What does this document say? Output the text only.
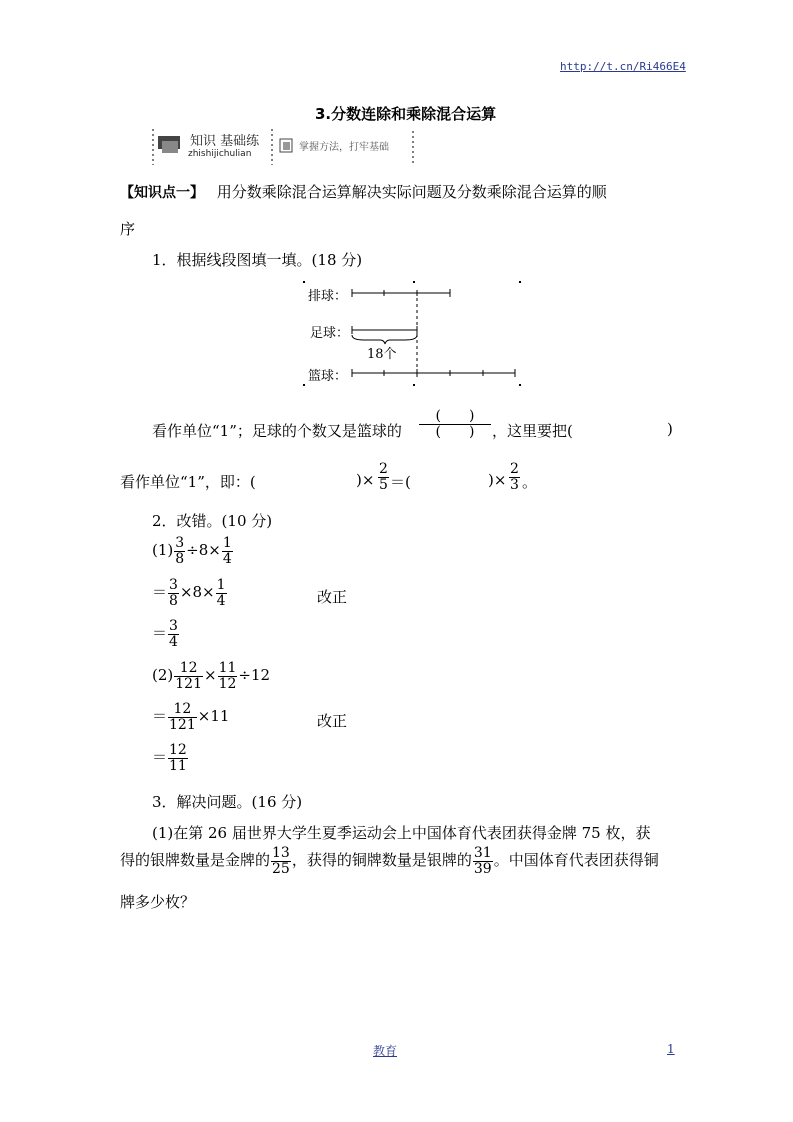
http://t.cn/Ri466E4
3.分数连除和乘除混合运算
知识 基础练
zhishijichulian
掌握方法，打牢基础
【知识点一】 用分数乘除混合运算解决实际问题及分数乘除混合运算的顺
序
1．根据线段图填一填。(18 分)
排球：
足球：
18个
篮球：
看作单位“1”；足球的个数又是篮球的
(　　)
(　　)	，这里要把(	)
看作单位“1”，即：(	)× $\frac{2}{5}$ ＝(	)× $\frac{2}{3}$ 。
2．改错。(10 分)
$(1) \frac{3}{8} \div 8\times \frac{1}{4}$
＝ $\frac{3}{8} \times 8\times \frac{1}{4}$	改正
＝ $\frac{3}{4}$
$(2) \frac{12}{121} \times \frac{11}{12} \div 12$
＝ $\frac{12}{121} \times 11$	改正
＝ $\frac{12}{11}$
3．解决问题。(16 分)
(1)在第 26 届世界大学生夏季运动会上中国体育代表团获得金牌 75 枚，获
得的银牌数量是金牌的 $\frac{13}{25}$ ，获得的铜牌数量是银牌的 $\frac{31}{39}$ 。中国体育代表团获得铜
牌多少枚？
教育	1
